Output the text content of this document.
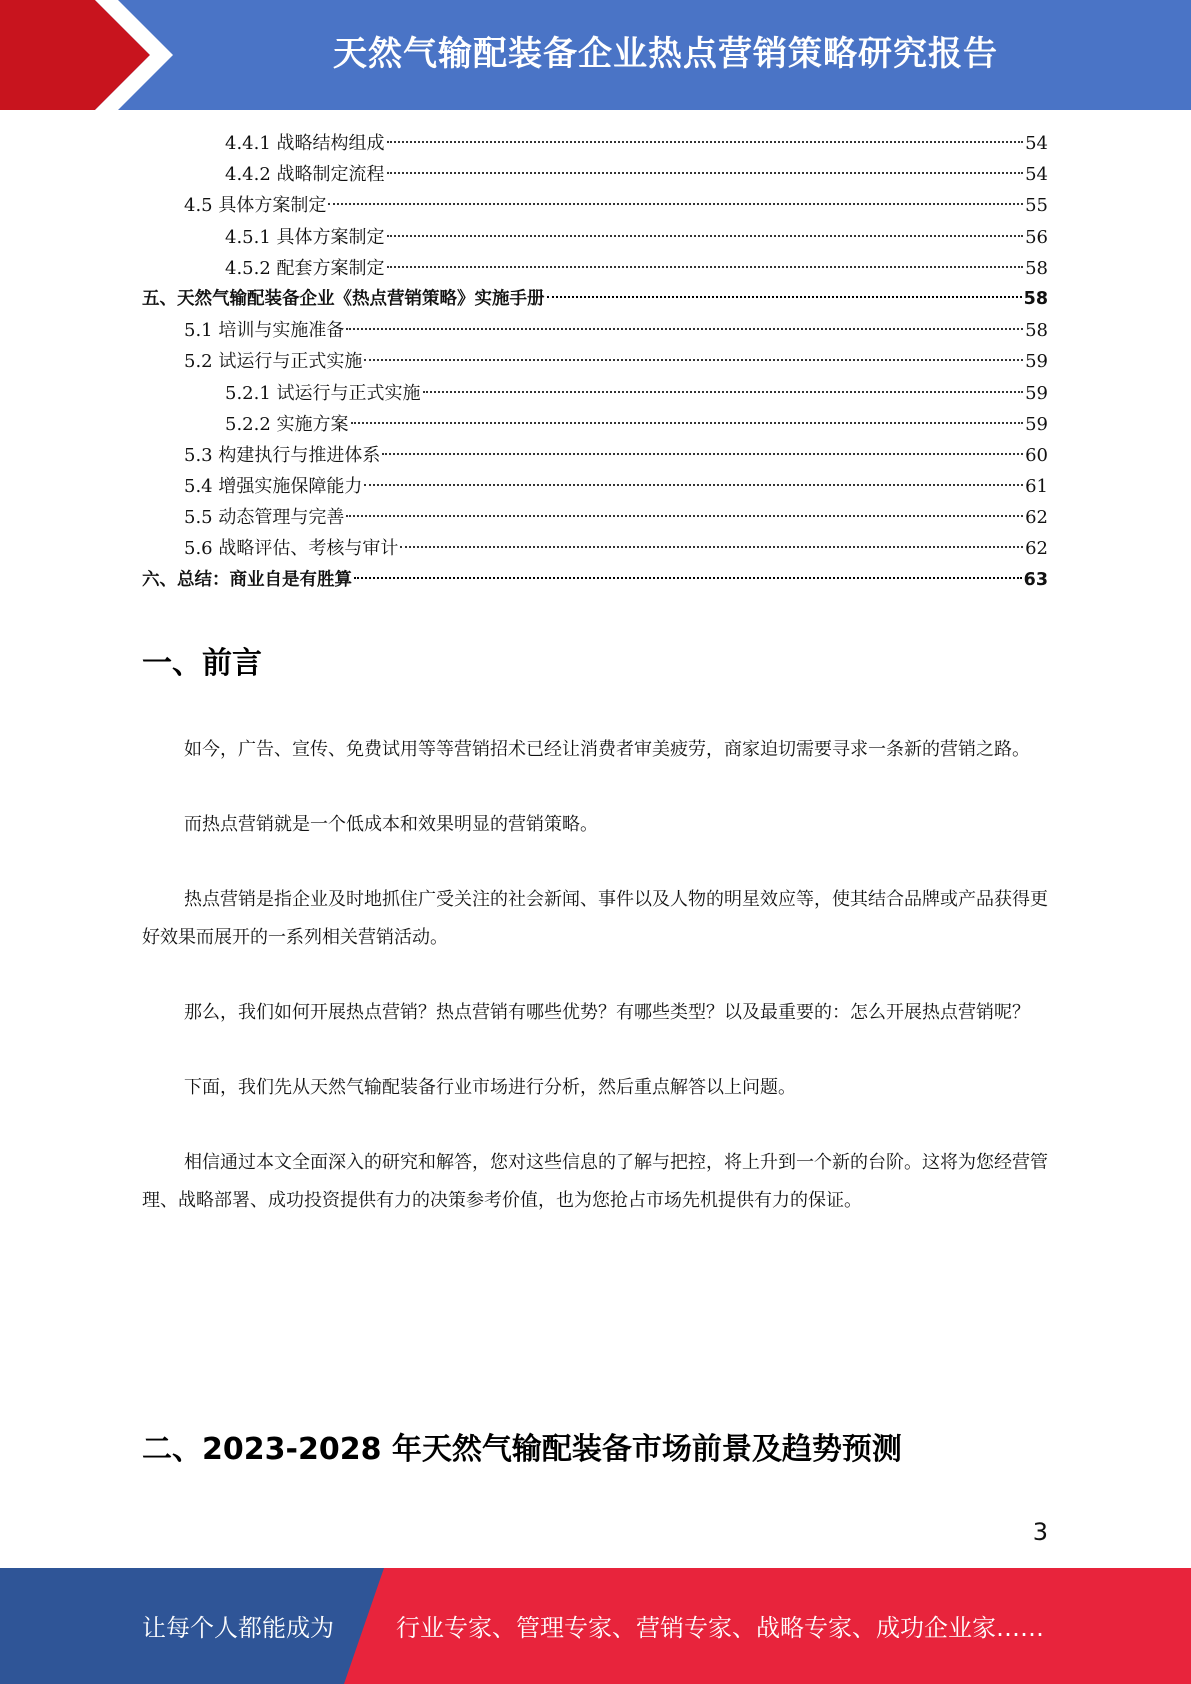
天然气输配装备企业热点营销策略研究报告
4.4.1 战略结构组成	54
4.4.2 战略制定流程	54
4.5 具体方案制定	55
4.5.1 具体方案制定	56
4.5.2 配套方案制定	58
五、天然气输配装备企业《热点营销策略》实施手册	58
5.1 培训与实施准备	58
5.2 试运行与正式实施	59
5.2.1 试运行与正式实施	59
5.2.2 实施方案	59
5.3 构建执行与推进体系	60
5.4 增强实施保障能力	61
5.5 动态管理与完善	62
5.6 战略评估、考核与审计	62
六、总结：商业自是有胜算	63
一、前言

如今，广告、宣传、免费试用等等营销招术已经让消费者审美疲劳，商家迫切需要寻求一条新的营销之路。

而热点营销就是一个低成本和效果明显的营销策略。

热点营销是指企业及时地抓住广受关注的社会新闻、事件以及人物的明星效应等，使其结合品牌或产品获得更好效果而展开的一系列相关营销活动。

那么，我们如何开展热点营销？热点营销有哪些优势？有哪些类型？以及最重要的：怎么开展热点营销呢？

下面，我们先从天然气输配装备行业市场进行分析，然后重点解答以上问题。

相信通过本文全面深入的研究和解答，您对这些信息的了解与把控，将上升到一个新的台阶。这将为您经营管理、战略部署、成功投资提供有力的决策参考价值，也为您抢占市场先机提供有力的保证。

二、2023-2028 年天然气输配装备市场前景及趋势预测
3
让每个人都能成为	行业专家、管理专家、营销专家、战略专家、成功企业家……
